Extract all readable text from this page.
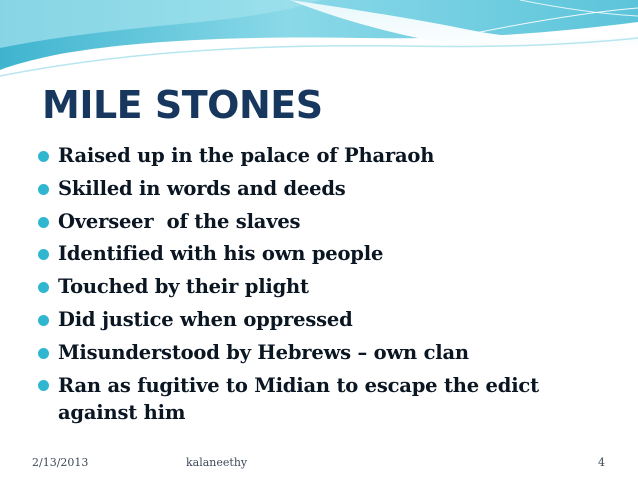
MILE STONES
Raised up in the palace of Pharaoh
Skilled in words and deeds
Overseer  of the slaves
Identified with his own people
Touched by their plight
Did justice when oppressed
Misunderstood by Hebrews – own clan
Ran as fugitive to Midian to escape the edict against him
2/13/2013	kalaneethy	4
